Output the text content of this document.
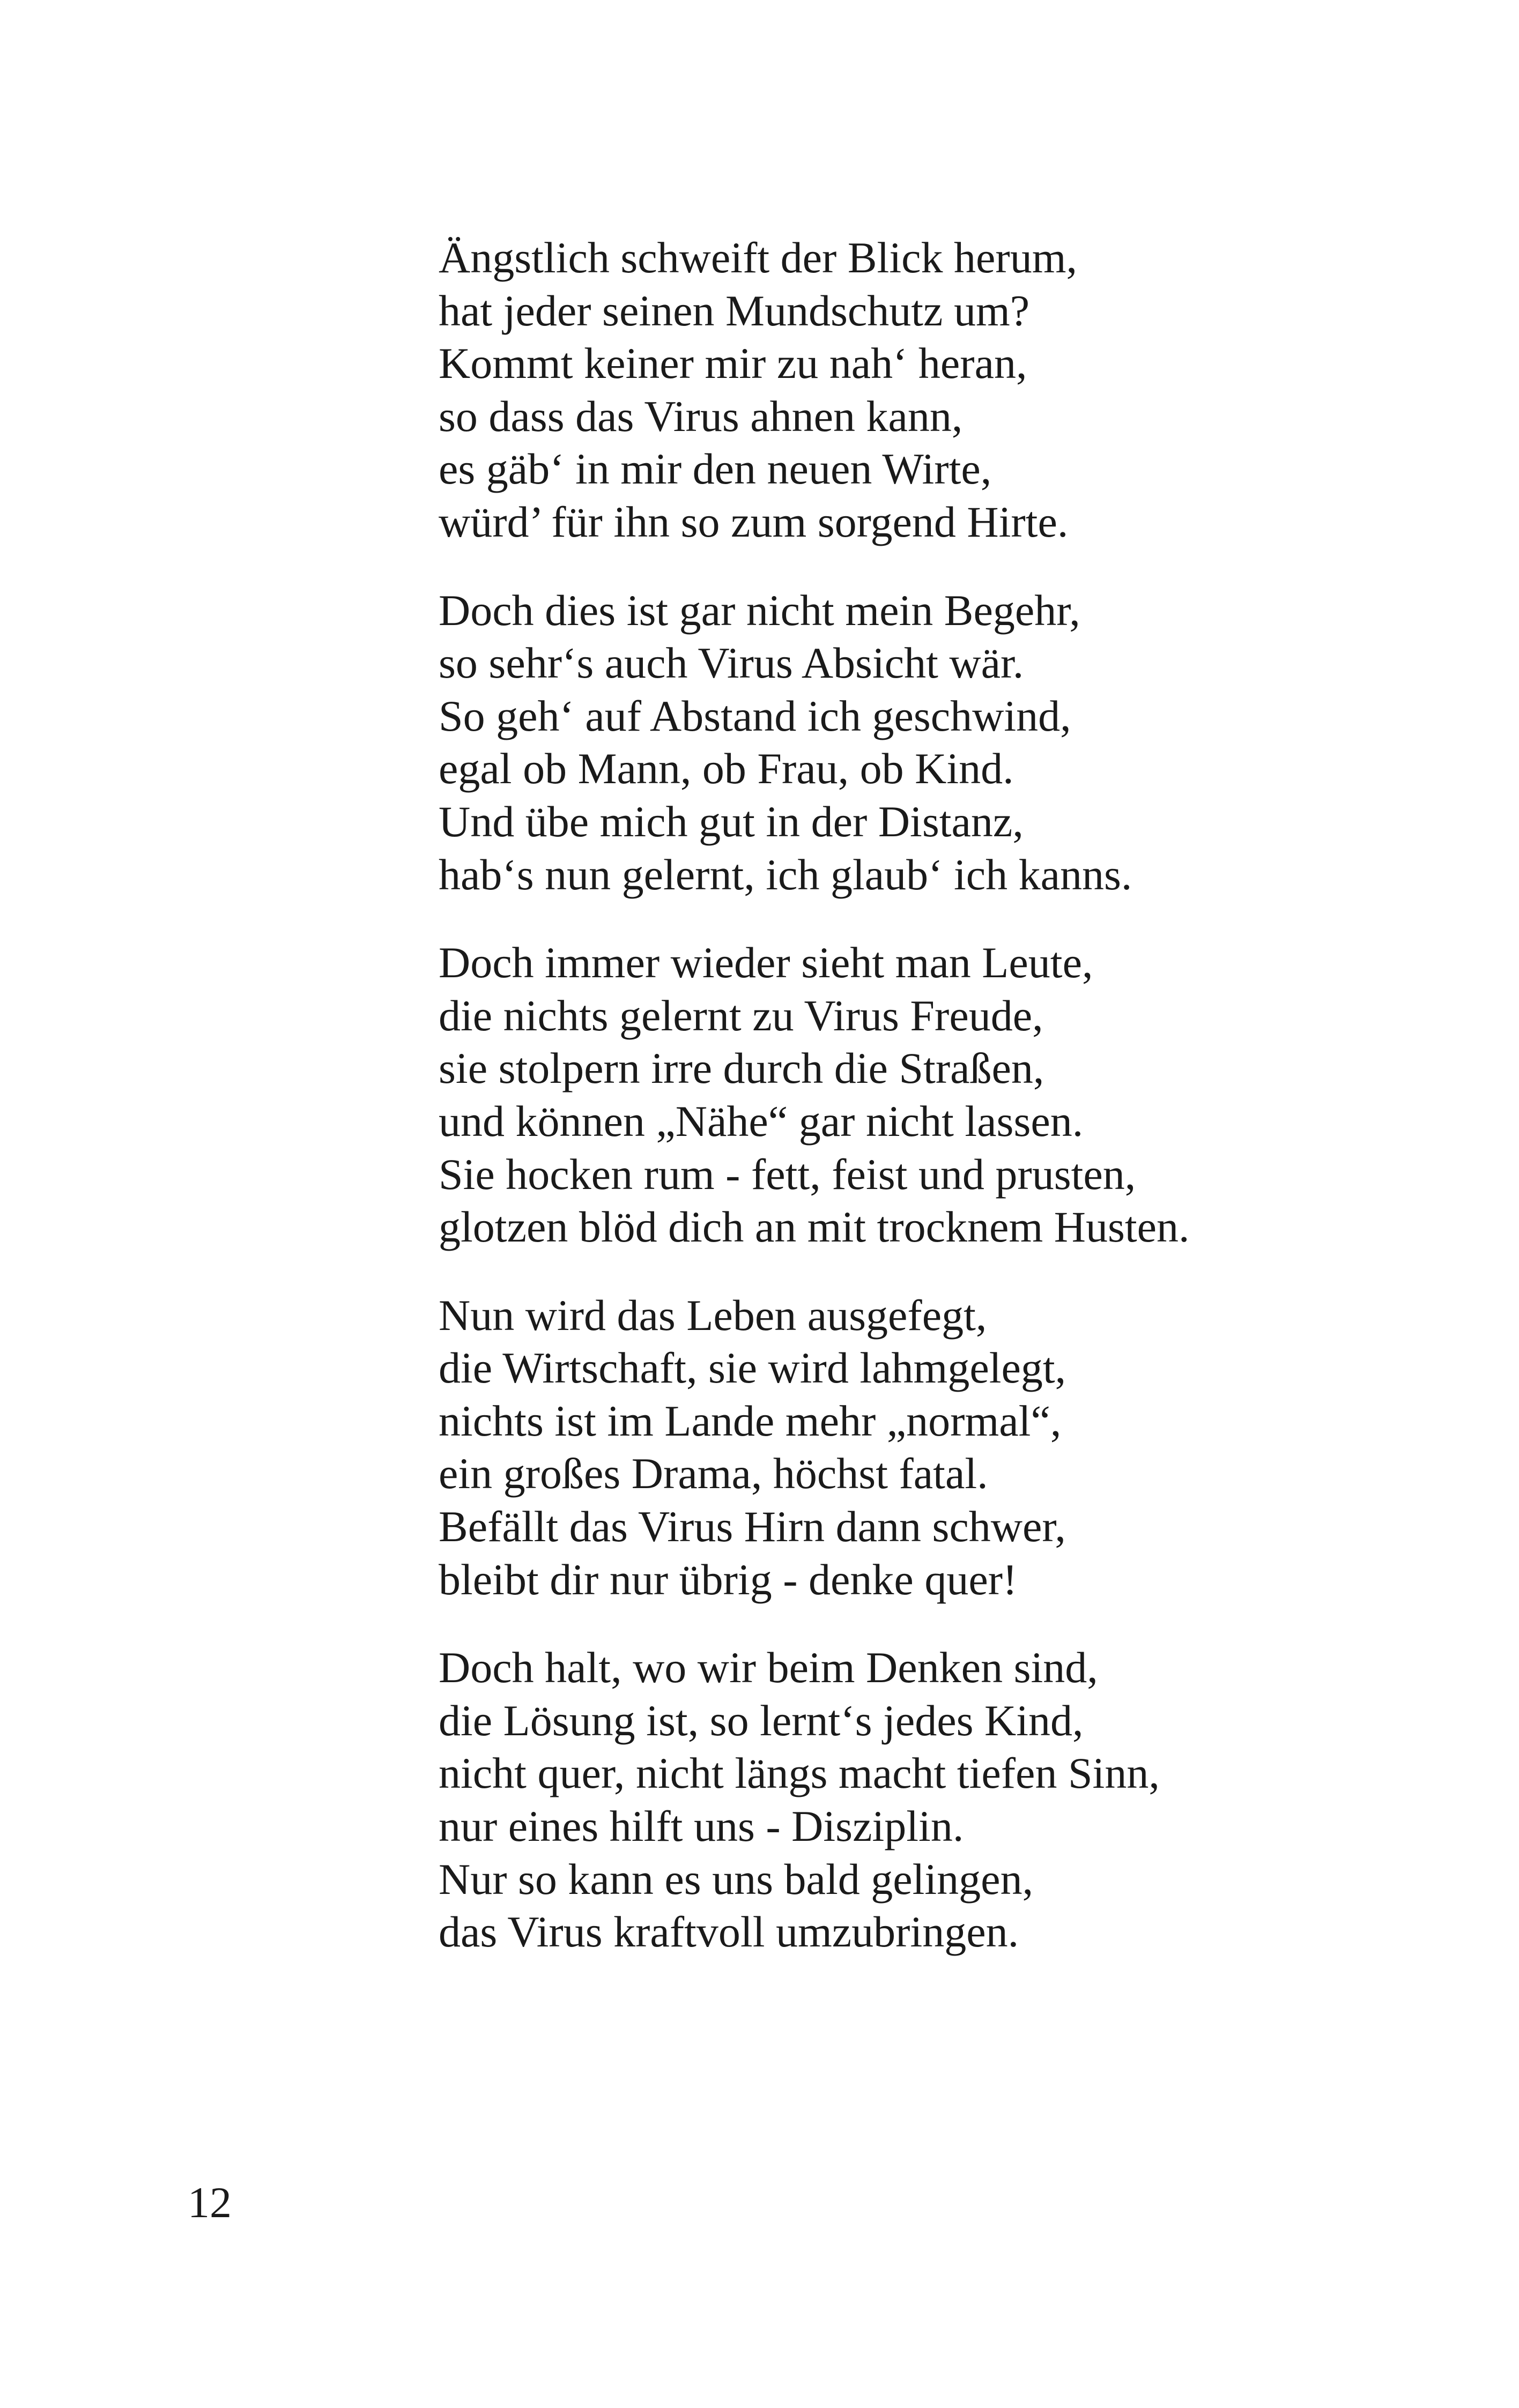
Ängstlich schweift der Blick herum,
hat jeder seinen Mundschutz um?
Kommt keiner mir zu nah‘ heran,
so dass das Virus ahnen kann,
es gäb‘ in mir den neuen Wirte,
würd’ für ihn so zum sorgend Hirte.
Doch dies ist gar nicht mein Begehr,
so sehr‘s auch Virus Absicht wär.
So geh‘ auf Abstand ich geschwind,
egal ob Mann, ob Frau, ob Kind.
Und übe mich gut in der Distanz,
hab‘s nun gelernt, ich glaub‘ ich kanns.
Doch immer wieder sieht man Leute,
die nichts gelernt zu Virus Freude,
sie stolpern irre durch die Straßen,
und können „Nähe“ gar nicht lassen.
Sie hocken rum - fett, feist und prusten,
glotzen blöd dich an mit trocknem Husten.
Nun wird das Leben ausgefegt,
die Wirtschaft, sie wird lahmgelegt,
nichts ist im Lande mehr „normal“,
ein großes Drama, höchst fatal.
Befällt das Virus Hirn dann schwer,
bleibt dir nur übrig - denke quer!
Doch halt, wo wir beim Denken sind,
die Lösung ist, so lernt‘s jedes Kind,
nicht quer, nicht längs macht tiefen Sinn,
nur eines hilft uns - Disziplin.
Nur so kann es uns bald gelingen,
das Virus kraftvoll umzubringen.
12
